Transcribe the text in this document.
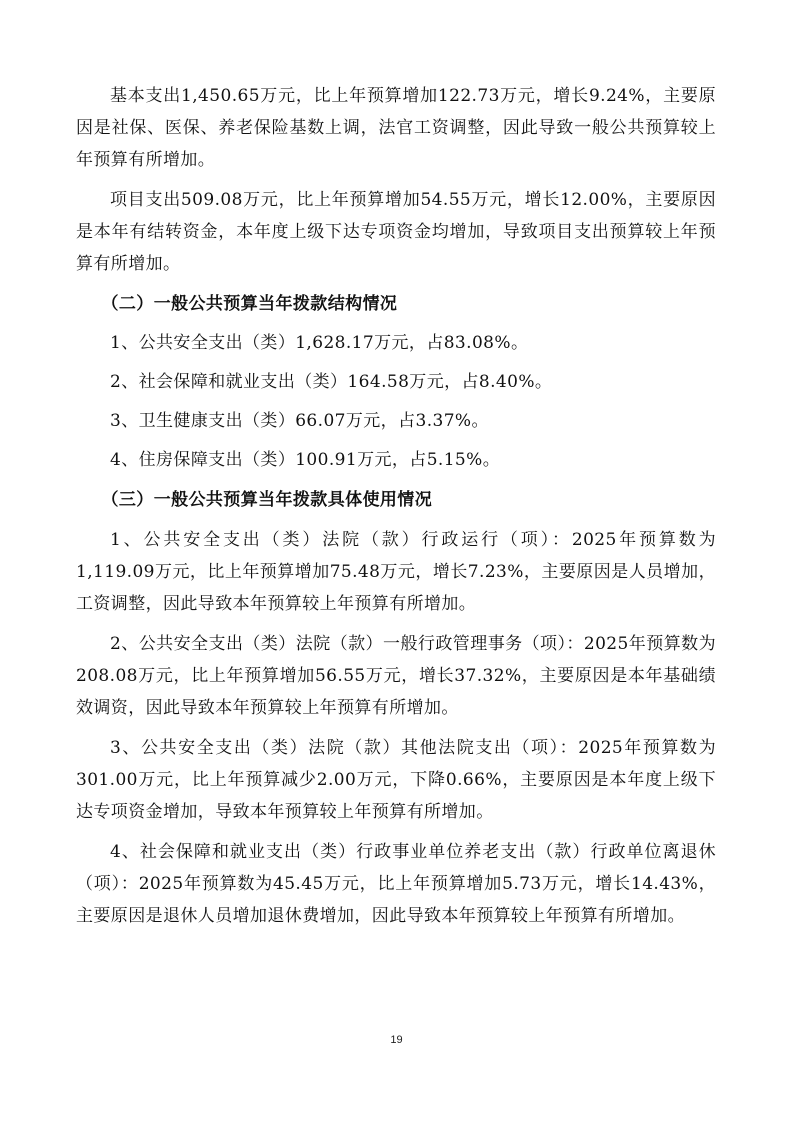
基本支出1,450.65万元，比上年预算增加122.73万元，增长9.24%，主要原因是社保、医保、养老保险基数上调，法官工资调整，因此导致一般公共预算较上年预算有所增加。

项目支出509.08万元，比上年预算增加54.55万元，增长12.00%，主要原因是本年有结转资金，本年度上级下达专项资金均增加，导致项目支出预算较上年预算有所增加。

（二）一般公共预算当年拨款结构情况

1、公共安全支出（类）1,628.17万元，占83.08%。

2、社会保障和就业支出（类）164.58万元，占8.40%。

3、卫生健康支出（类）66.07万元，占3.37%。

4、住房保障支出（类）100.91万元，占5.15%。

（三）一般公共预算当年拨款具体使用情况

1、公共安全支出（类）法院（款）行政运行（项）：2025年预算数为1,119.09万元，比上年预算增加75.48万元，增长7.23%，主要原因是人员增加，工资调整，因此导致本年预算较上年预算有所增加。

2、公共安全支出（类）法院（款）一般行政管理事务（项）：2025年预算数为208.08万元，比上年预算增加56.55万元，增长37.32%，主要原因是本年基础绩效调资，因此导致本年预算较上年预算有所增加。

3、公共安全支出（类）法院（款）其他法院支出（项）：2025年预算数为301.00万元，比上年预算减少2.00万元，下降0.66%，主要原因是本年度上级下达专项资金增加，导致本年预算较上年预算有所增加。

4、社会保障和就业支出（类）行政事业单位养老支出（款）行政单位离退休（项）：2025年预算数为45.45万元，比上年预算增加5.73万元，增长14.43%，主要原因是退休人员增加退休费增加，因此导致本年预算较上年预算有所增加。

19
